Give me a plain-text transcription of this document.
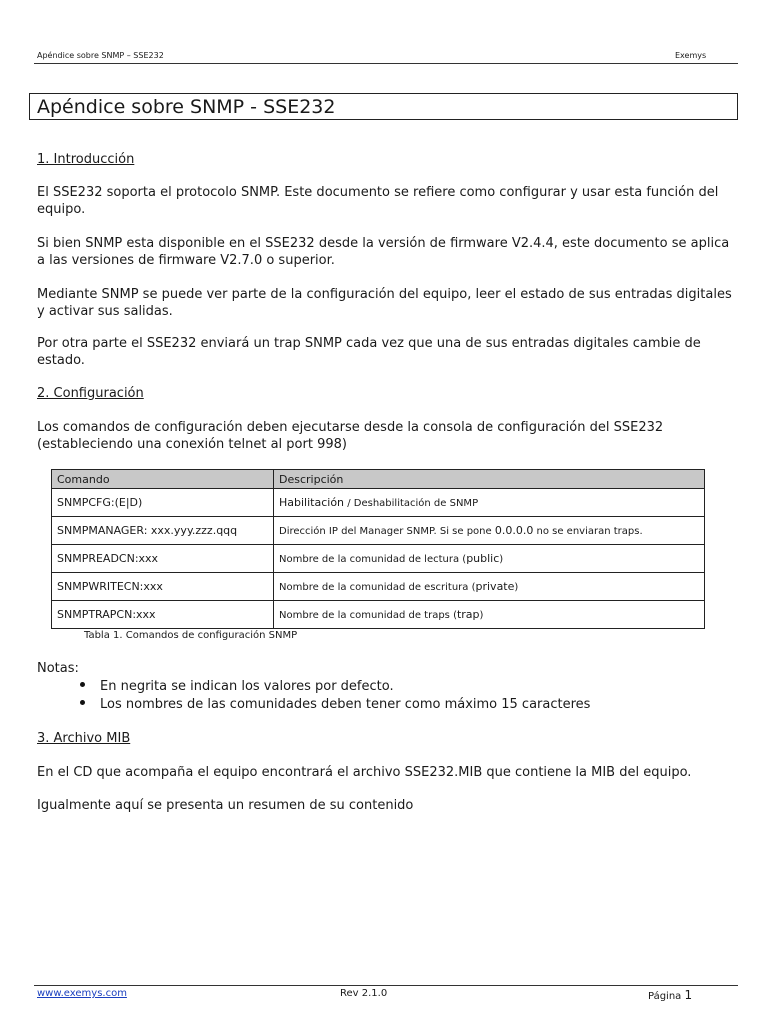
Apéndice sobre SNMP – SSE232	Exemys
Apéndice sobre SNMP - SSE232
1. Introducción
El SSE232 soporta el protocolo SNMP. Este documento se refiere como configurar y usar esta función del equipo.
Si bien SNMP esta disponible en el SSE232 desde la versión de firmware V2.4.4, este documento se aplica a las versiones de firmware V2.7.0 o superior.
Mediante SNMP se puede ver parte de la configuración del equipo, leer el estado de sus entradas digitales y activar sus salidas.
Por otra parte el SSE232 enviará un trap SNMP cada vez que una de sus entradas digitales cambie de estado.
2. Configuración
Los comandos de configuración deben ejecutarse desde la consola de configuración del SSE232 (estableciendo una conexión telnet al port 998)
Comando	Descripción
SNMPCFG:(E|D)	Habilitación / Deshabilitación de SNMP
SNMPMANAGER: xxx.yyy.zzz.qqq	Dirección IP del Manager SNMP. Si se pone 0.0.0.0 no se enviaran traps.
SNMPREADCN:xxx	Nombre de la comunidad de lectura (public)
SNMPWRITECN:xxx	Nombre de la comunidad de escritura (private)
SNMPTRAPCN:xxx	Nombre de la comunidad de traps (trap)
Tabla 1. Comandos de configuración SNMP
Notas:
En negrita se indican los valores por defecto.
Los nombres de las comunidades deben tener como máximo 15 caracteres
3. Archivo MIB
En el CD que acompaña el equipo encontrará el archivo SSE232.MIB que contiene la MIB del equipo.
Igualmente aquí se presenta un resumen de su contenido
www.exemys.com	Rev 2.1.0	Página 1
